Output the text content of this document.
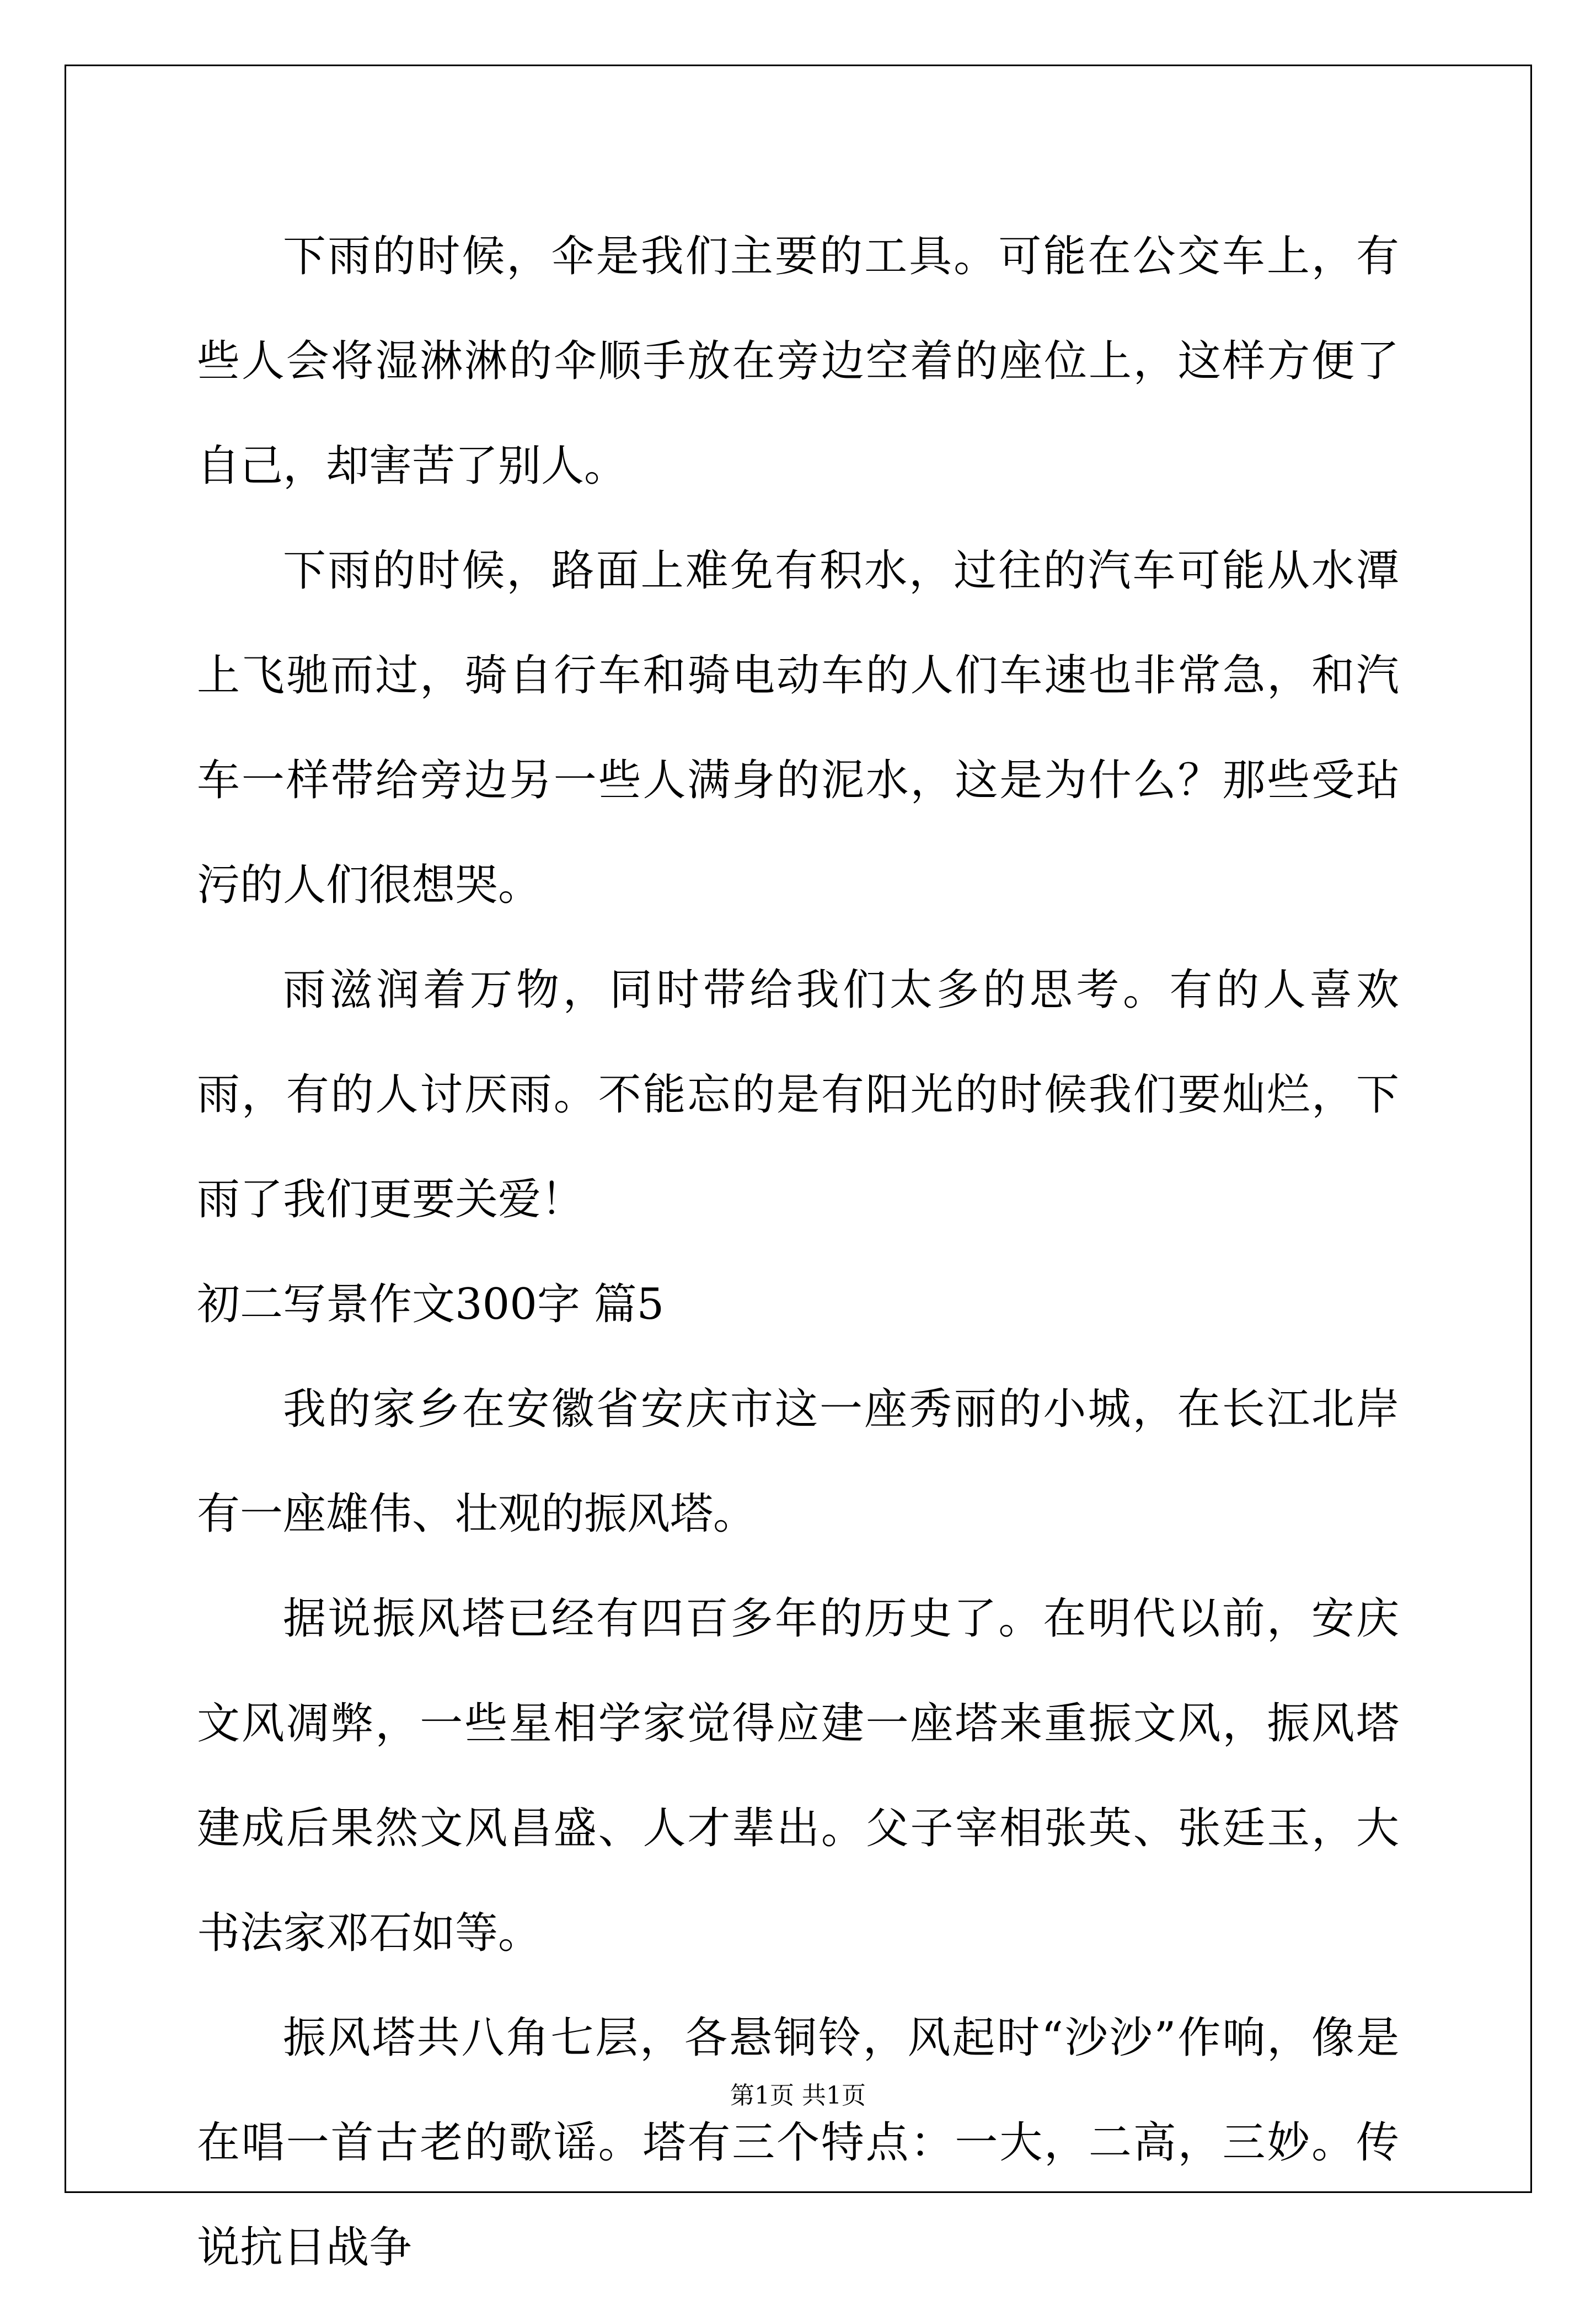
下雨的时候，伞是我们主要的工具。可能在公交车上，有些人会将湿淋淋的伞顺手放在旁边空着的座位上，这样方便了自己，却害苦了别人。

下雨的时候，路面上难免有积水，过往的汽车可能从水潭上飞驰而过，骑自行车和骑电动车的人们车速也非常急，和汽车一样带给旁边另一些人满身的泥水，这是为什么？那些受玷污的人们很想哭。

雨滋润着万物，同时带给我们太多的思考。有的人喜欢雨，有的人讨厌雨。不能忘的是有阳光的时候我们要灿烂，下雨了我们更要关爱！

初二写景作文300字 篇5

我的家乡在安徽省安庆市这一座秀丽的小城，在长江北岸有一座雄伟、壮观的振风塔。

据说振风塔已经有四百多年的历史了。在明代以前，安庆文风凋弊，一些星相学家觉得应建一座塔来重振文风，振风塔建成后果然文风昌盛、人才辈出。父子宰相张英、张廷玉，大书法家邓石如等。

振风塔共八角七层，各悬铜铃，风起时“沙沙”作响，像是在唱一首古老的歌谣。塔有三个特点：一大，二高，三妙。传说抗日战争

第1页 共1页
